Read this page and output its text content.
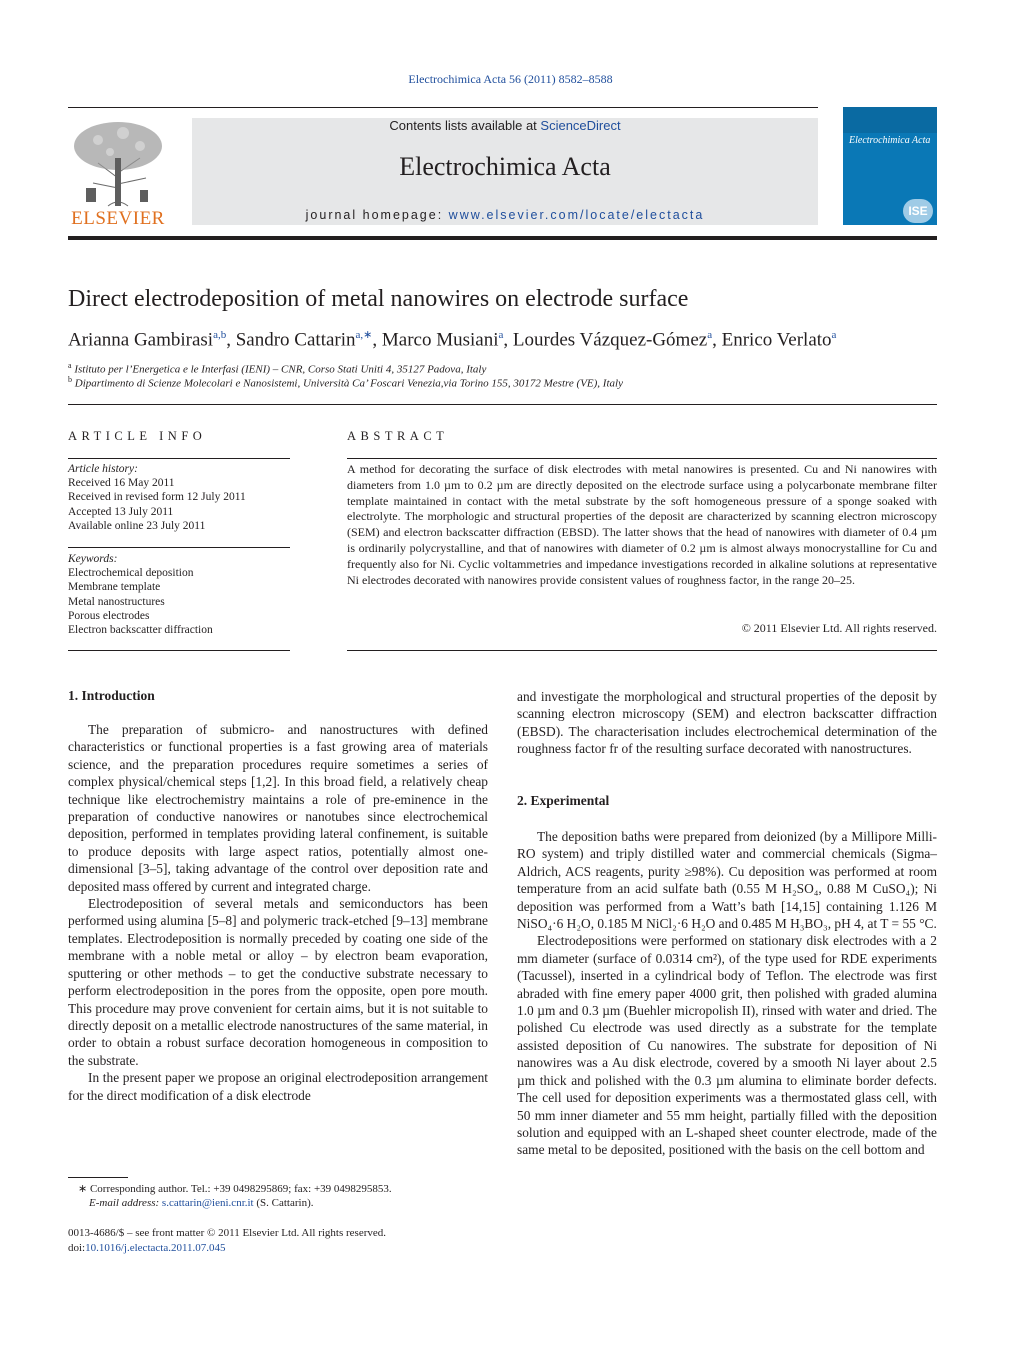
Electrochimica Acta 56 (2011) 8582–8588
ELSEVIER
Contents lists available at ScienceDirect
Electrochimica Acta
journal homepage: www.elsevier.com/locate/electacta
Electrochimica Acta
ISE
Direct electrodeposition of metal nanowires on electrode surface
Arianna Gambirasi$^{a,b}$, Sandro Cattarin$^{a,∗}$, Marco Musiani$^a$, Lourdes Vázquez-Gómez$^a$, Enrico Verlato$^a$
$^a$ Istituto per l’Energetica e le Interfasi (IENI) – CNR, Corso Stati Uniti 4, 35127 Padova, Italy
$^b$ Dipartimento di Scienze Molecolari e Nanosistemi, Università Ca’ Foscari Venezia,via Torino 155, 30172 Mestre (VE), Italy
ARTICLE INFO
Article history:
Received 16 May 2011
Received in revised form 12 July 2011
Accepted 13 July 2011
Available online 23 July 2011
Keywords:
Electrochemical deposition
Membrane template
Metal nanostructures
Porous electrodes
Electron backscatter diffraction
ABSTRACT
A method for decorating the surface of disk electrodes with metal nanowires is presented. Cu and Ni nanowires with diameters from 1.0 µm to 0.2 µm are directly deposited on the electrode surface using a polycarbonate membrane filter template maintained in contact with the metal substrate by the soft homogeneous pressure of a sponge soaked with electrolyte. The morphologic and structural properties of the deposit are characterized by scanning electron microscopy (SEM) and electron backscatter diffraction (EBSD). The latter shows that the head of nanowires with diameter of 0.4 µm is ordinarily polycrystalline, and that of nanowires with diameter of 0.2 µm is almost always monocrystalline for Cu and frequently also for Ni. Cyclic voltammetries and impedance investigations recorded in alkaline solutions at representative Ni electrodes decorated with nanowires provide consistent values of roughness factor, in the range 20–25.
© 2011 Elsevier Ltd. All rights reserved.
1. Introduction

The preparation of submicro- and nanostructures with defined characteristics or functional properties is a fast growing area of materials science, and the preparation procedures require sometimes a series of complex physical/chemical steps [1,2]. In this broad field, a relatively cheap technique like electrochemistry maintains a role of pre-eminence in the preparation of conductive nanowires or nanotubes since electrochemical deposition, performed in templates providing lateral confinement, is suitable to produce deposits with large aspect ratios, potentially almost one-dimensional [3–5], taking advantage of the control over deposition rate and deposited mass offered by current and integrated charge.

Electrodeposition of several metals and semiconductors has been performed using alumina [5–8] and polymeric track-etched [9–13] membrane templates. Electrodeposition is normally preceded by coating one side of the membrane with a noble metal or alloy – by electron beam evaporation, sputtering or other methods – to get the conductive substrate necessary to perform electrodeposition in the pores from the opposite, open pore mouth. This procedure may prove convenient for certain aims, but it is not suitable to directly deposit on a metallic electrode nanostructures of the same material, in order to obtain a robust surface decoration homogeneous in composition to the substrate.

In the present paper we propose an original electrodeposition arrangement for the direct modification of a disk electrode

and investigate the morphological and structural properties of the deposit by scanning electron microscopy (SEM) and electron backscatter diffraction (EBSD). The characterisation includes electrochemical determination of the roughness factor fr of the resulting surface decorated with nanostructures.

2. Experimental

The deposition baths were prepared from deionized (by a Millipore Milli-RO system) and triply distilled water and commercial chemicals (Sigma–Aldrich, ACS reagents, purity ≥98%). Cu deposition was performed at room temperature from an acid sulfate bath (0.55 M H₂SO₄, 0.88 M CuSO₄); Ni deposition was performed from a Watt’s bath [14,15] containing 1.126 M NiSO₄·6 H₂O, 0.185 M NiCl₂·6 H₂O and 0.485 M H₃BO₃, pH 4, at T = 55 °C.

Electrodepositions were performed on stationary disk electrodes with a 2 mm diameter (surface of 0.0314 cm²), of the type used for RDE experiments (Tacussel), inserted in a cylindrical body of Teflon. The electrode was first abraded with fine emery paper 4000 grit, then polished with graded alumina 1.0 µm and 0.3 µm (Buehler micropolish II), rinsed with water and dried. The polished Cu electrode was used directly as a substrate for the template assisted deposition of Cu nanowires. The substrate for deposition of Ni nanowires was a Au disk electrode, covered by a smooth Ni layer about 2.5 µm thick and polished with the 0.3 µm alumina to eliminate border defects. The cell used for deposition experiments was a thermostated glass cell, with 50 mm inner diameter and 55 mm height, partially filled with the deposition solution and equipped with an L-shaped sheet counter electrode, made of the same metal to be deposited, positioned with the basis on the cell bottom and

∗ Corresponding author. Tel.: +39 0498295869; fax: +39 0498295853.
E-mail address: s.cattarin@ieni.cnr.it (S. Cattarin).
0013-4686/$ – see front matter © 2011 Elsevier Ltd. All rights reserved.
doi:10.1016/j.electacta.2011.07.045
